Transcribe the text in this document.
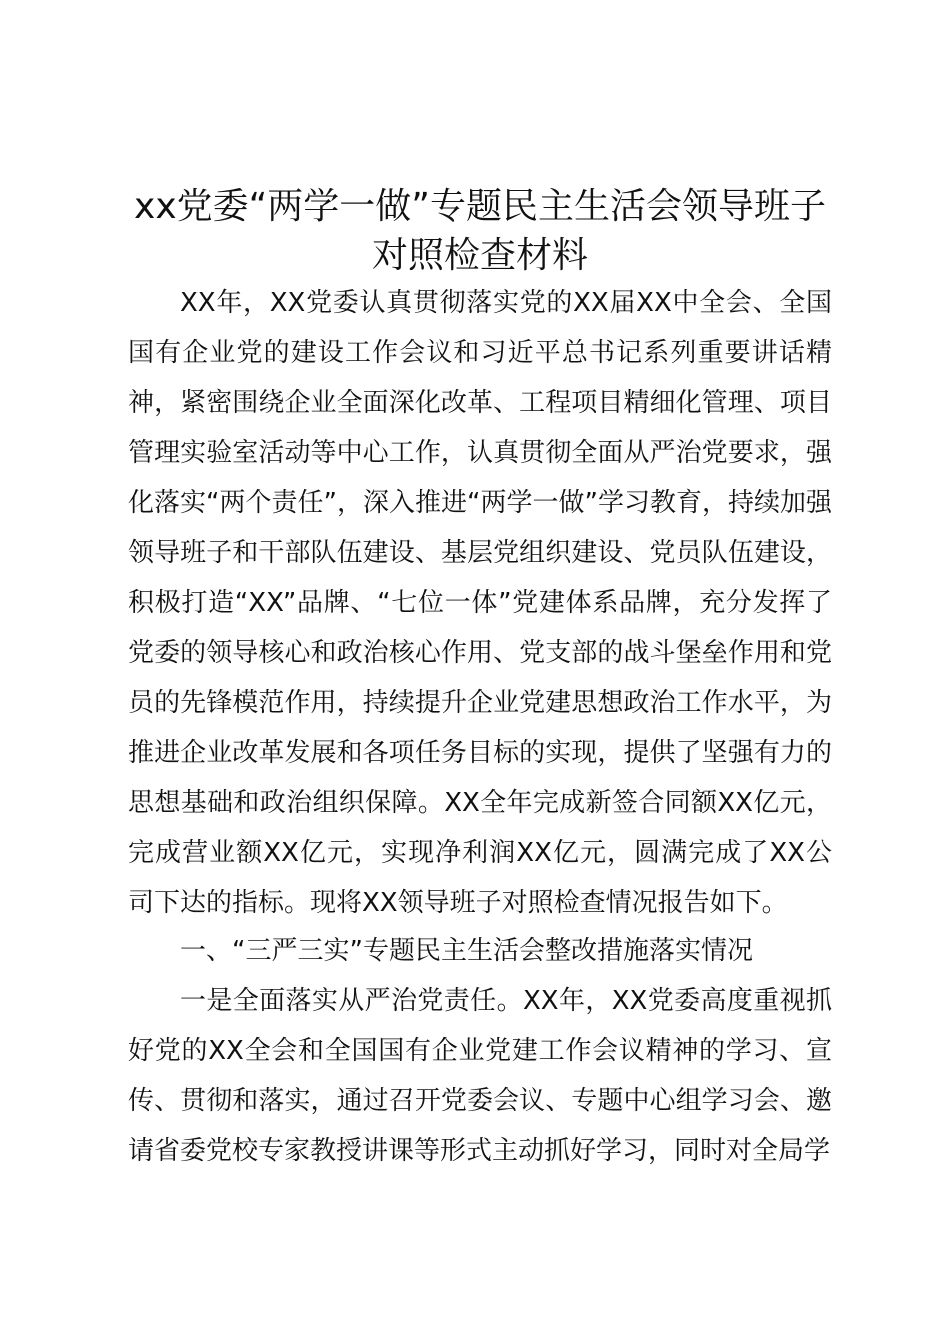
xx党委“两学一做”专题民主生活会领导班子对照检查材料

XX年，XX党委认真贯彻落实党的XX届XX中全会、全国国有企业党的建设工作会议和习近平总书记系列重要讲话精神，紧密围绕企业全面深化改革、工程项目精细化管理、项目管理实验室活动等中心工作，认真贯彻全面从严治党要求，强化落实“两个责任”，深入推进“两学一做”学习教育，持续加强领导班子和干部队伍建设、基层党组织建设、党员队伍建设，积极打造“XX”品牌、“七位一体”党建体系品牌，充分发挥了党委的领导核心和政治核心作用、党支部的战斗堡垒作用和党员的先锋模范作用，持续提升企业党建思想政治工作水平，为推进企业改革发展和各项任务目标的实现，提供了坚强有力的思想基础和政治组织保障。XX全年完成新签合同额XX亿元，完成营业额XX亿元，实现净利润XX亿元，圆满完成了XX公司下达的指标。现将XX领导班子对照检查情况报告如下。

一、“三严三实”专题民主生活会整改措施落实情况

一是全面落实从严治党责任。XX年，XX党委高度重视抓好党的XX全会和全国国有企业党建工作会议精神的学习、宣传、贯彻和落实，通过召开党委会议、专题中心组学习会、邀请省委党校专家教授讲课等形式主动抓好学习，同时对全局学
